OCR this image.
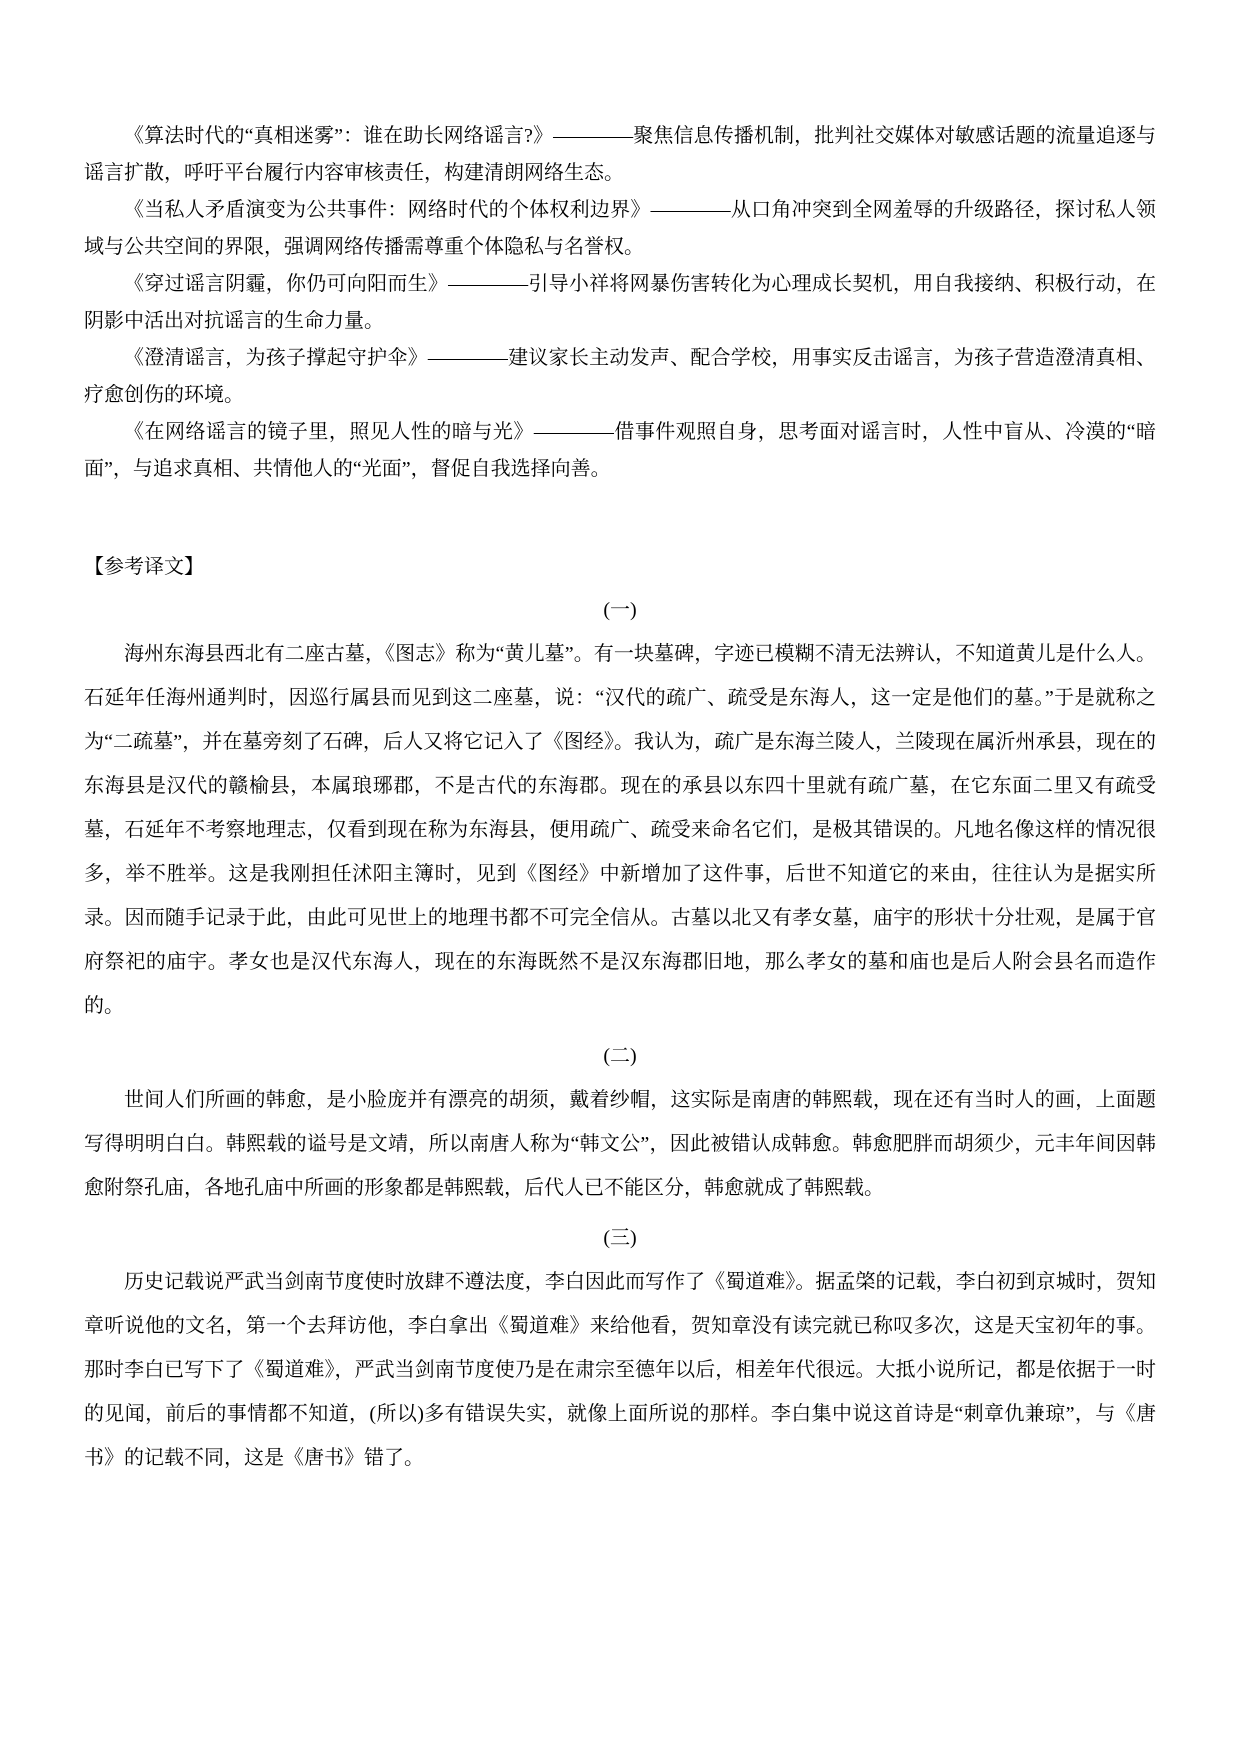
《算法时代的“真相迷雾”：谁在助长网络谣言?》————聚焦信息传播机制，批判社交媒体对敏感话题的流量追逐与谣言扩散，呼吁平台履行内容审核责任，构建清朗网络生态。

《当私人矛盾演变为公共事件：网络时代的个体权利边界》————从口角冲突到全网羞辱的升级路径，探讨私人领域与公共空间的界限，强调网络传播需尊重个体隐私与名誉权。

《穿过谣言阴霾，你仍可向阳而生》————引导小祥将网暴伤害转化为心理成长契机，用自我接纳、积极行动，在阴影中活出对抗谣言的生命力量。

《澄清谣言，为孩子撑起守护伞》————建议家长主动发声、配合学校，用事实反击谣言，为孩子营造澄清真相、疗愈创伤的环境。

《在网络谣言的镜子里，照见人性的暗与光》————借事件观照自身，思考面对谣言时，人性中盲从、冷漠的“暗面”，与追求真相、共情他人的“光面”，督促自我选择向善。

【参考译文】
(一)

海州东海县西北有二座古墓，《图志》称为“黄儿墓”。有一块墓碑，字迹已模糊不清无法辨认，不知道黄儿是什么人。石延年任海州通判时，因巡行属县而见到这二座墓，说：“汉代的疏广、疏受是东海人，这一定是他们的墓。”于是就称之为“二疏墓”，并在墓旁刻了石碑，后人又将它记入了《图经》。我认为，疏广是东海兰陵人，兰陵现在属沂州承县，现在的东海县是汉代的赣榆县，本属琅琊郡，不是古代的东海郡。现在的承县以东四十里就有疏广墓，在它东面二里又有疏受墓，石延年不考察地理志，仅看到现在称为东海县，便用疏广、疏受来命名它们，是极其错误的。凡地名像这样的情况很多，举不胜举。这是我刚担任沭阳主簿时，见到《图经》中新增加了这件事，后世不知道它的来由，往往认为是据实所录。因而随手记录于此，由此可见世上的地理书都不可完全信从。古墓以北又有孝女墓，庙宇的形状十分壮观，是属于官府祭祀的庙宇。孝女也是汉代东海人，现在的东海既然不是汉东海郡旧地，那么孝女的墓和庙也是后人附会县名而造作的。

(二)

世间人们所画的韩愈，是小脸庞并有漂亮的胡须，戴着纱帽，这实际是南唐的韩熙载，现在还有当时人的画，上面题写得明明白白。韩熙载的谥号是文靖，所以南唐人称为“韩文公”，因此被错认成韩愈。韩愈肥胖而胡须少，元丰年间因韩愈附祭孔庙，各地孔庙中所画的形象都是韩熙载，后代人已不能区分，韩愈就成了韩熙载。

(三)

历史记载说严武当剑南节度使时放肆不遵法度，李白因此而写作了《蜀道难》。据孟棨的记载，李白初到京城时，贺知章听说他的文名，第一个去拜访他，李白拿出《蜀道难》来给他看，贺知章没有读完就已称叹多次，这是天宝初年的事。那时李白已写下了《蜀道难》，严武当剑南节度使乃是在肃宗至德年以后，相差年代很远。大抵小说所记，都是依据于一时的见闻，前后的事情都不知道，(所以)多有错误失实，就像上面所说的那样。李白集中说这首诗是“刺章仇兼琼”，与《唐书》的记载不同，这是《唐书》错了。
